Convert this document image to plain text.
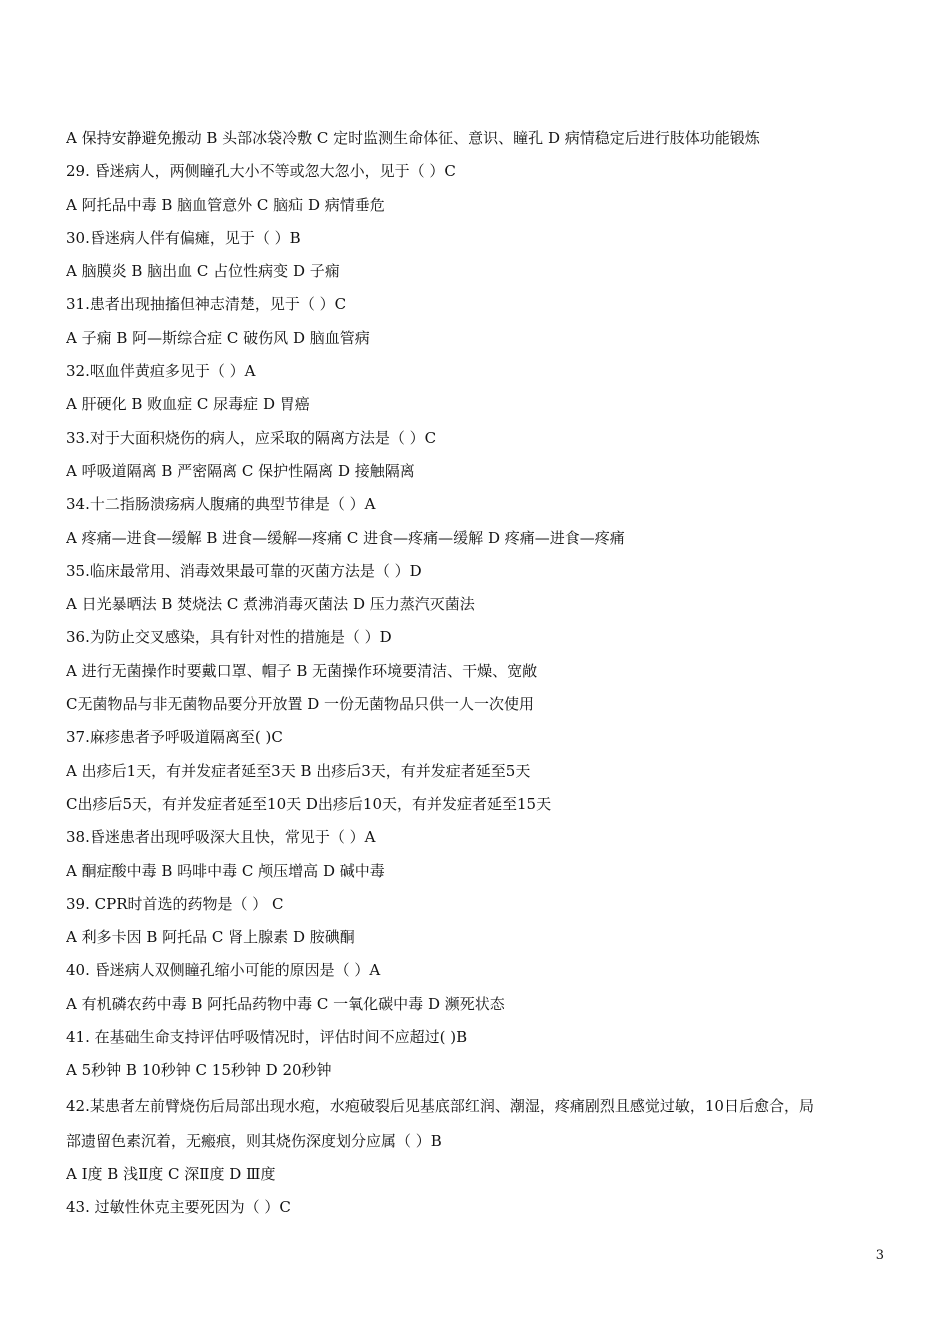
A 保持安静避免搬动 B 头部冰袋冷敷 C 定时监测生命体征、意识、瞳孔 D 病情稳定后进行肢体功能锻炼
29. 昏迷病人，两侧瞳孔大小不等或忽大忽小，见于（ ）C
A 阿托品中毒 B 脑血管意外 C 脑疝 D 病情垂危
30.昏迷病人伴有偏瘫，见于（ ）B
A 脑膜炎 B 脑出血 C 占位性病变 D 子痫
31.患者出现抽搐但神志清楚，见于（ ）C
A 子痫 B 阿—斯综合症 C 破伤风 D 脑血管病
32.呕血伴黄疸多见于（ ）A
A 肝硬化 B 败血症 C 尿毒症 D 胃癌
33.对于大面积烧伤的病人，应采取的隔离方法是（ ）C
A 呼吸道隔离 B 严密隔离 C 保护性隔离 D 接触隔离
34.十二指肠溃疡病人腹痛的典型节律是（ ）A
A 疼痛—进食—缓解 B 进食—缓解—疼痛 C 进食—疼痛—缓解 D 疼痛—进食—疼痛
35.临床最常用、消毒效果最可靠的灭菌方法是（ ）D
A 日光暴晒法 B 焚烧法 C 煮沸消毒灭菌法 D 压力蒸汽灭菌法
36.为防止交叉感染，具有针对性的措施是（ ）D
A 进行无菌操作时要戴口罩、帽子 B 无菌操作环境要清洁、干燥、宽敞
C无菌物品与非无菌物品要分开放置 D 一份无菌物品只供一人一次使用
37.麻疹患者予呼吸道隔离至( )C
A 出疹后1天，有并发症者延至3天 B 出疹后3天，有并发症者延至5天
C出疹后5天，有并发症者延至10天 D出疹后10天，有并发症者延至15天
38.昏迷患者出现呼吸深大且快，常见于（ ）A
A 酮症酸中毒 B 吗啡中毒 C 颅压增高 D 碱中毒
39. CPR时首选的药物是（ ） C
A 利多卡因 B 阿托品 C 肾上腺素 D 胺碘酮
40. 昏迷病人双侧瞳孔缩小可能的原因是（ ）A
A 有机磷农药中毒 B 阿托品药物中毒 C 一氧化碳中毒 D 濒死状态
41. 在基础生命支持评估呼吸情况时，评估时间不应超过( )B
A 5秒钟 B 10秒钟 C 15秒钟 D 20秒钟
42.某患者左前臂烧伤后局部出现水疱，水疱破裂后见基底部红润、潮湿，疼痛剧烈且感觉过敏，10日后愈合，局
部遗留色素沉着，无瘢痕，则其烧伤深度划分应属（ ）B
A Ⅰ度 B 浅Ⅱ度 C 深Ⅱ度 D Ⅲ度
43. 过敏性休克主要死因为（ ）C
3
